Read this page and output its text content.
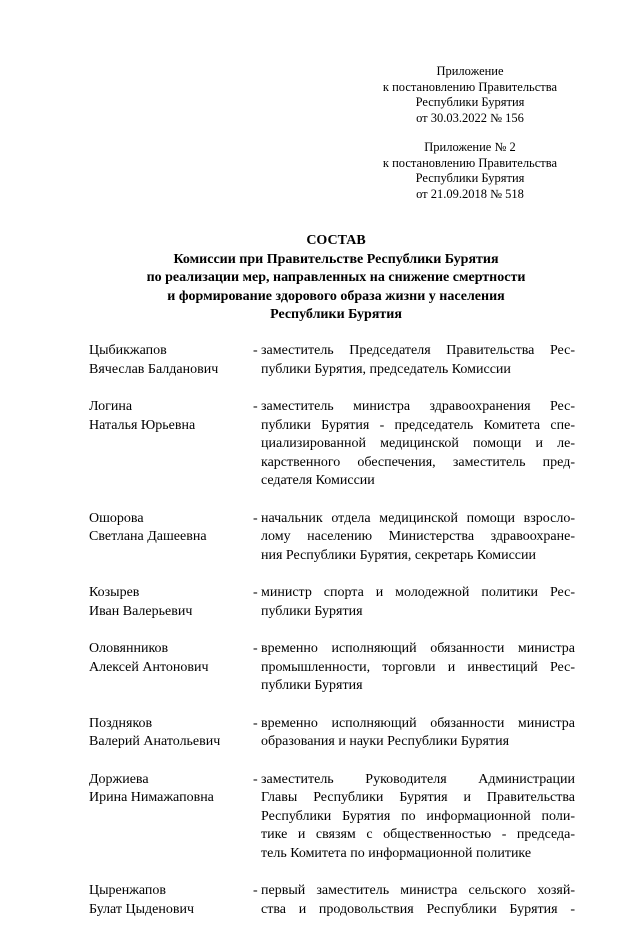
Приложение
к постановлению Правительства
Республики Бурятия
от 30.03.2022 № 156
Приложение № 2
к постановлению Правительства
Республики Бурятия
от 21.09.2018 № 518
СОСТАВ
Комиссии при Правительстве Республики Бурятия
по реализации мер, направленных на снижение смертности
и формирование здорового образа жизни у населения
Республики Бурятия
Цыбикжапов
Вячеслав Балданович
- заместитель Председателя Правительства Рес-
публики Бурятия, председатель Комиссии
Логина
Наталья Юрьевна
- заместитель министра здравоохранения Рес-
публики Бурятия - председатель Комитета спе-
циализированной медицинской помощи и ле-
карственного обеспечения, заместитель пред-
седателя Комиссии
Ошорова
Светлана Дашеевна
- начальник отдела медицинской помощи взросло-
лому населению Министерства здравоохране-
ния Республики Бурятия, секретарь Комиссии
Козырев
Иван Валерьевич
- министр спорта и молодежной политики Рес-
публики Бурятия
Оловянников
Алексей Антонович
- временно исполняющий обязанности министра
промышленности, торговли и инвестиций Рес-
публики Бурятия
Поздняков
Валерий Анатольевич
- временно исполняющий обязанности министра
образования и науки Республики Бурятия
Доржиева
Ирина Нимажаповна
- заместитель Руководителя Администрации
Главы Республики Бурятия и Правительства
Республики Бурятия по информационной поли-
тике и связям с общественностью - председа-
тель Комитета по информационной политике
Цыренжапов
Булат Цыденович
- первый заместитель министра сельского хозяй-
ства и продовольствия Республики Бурятия -
